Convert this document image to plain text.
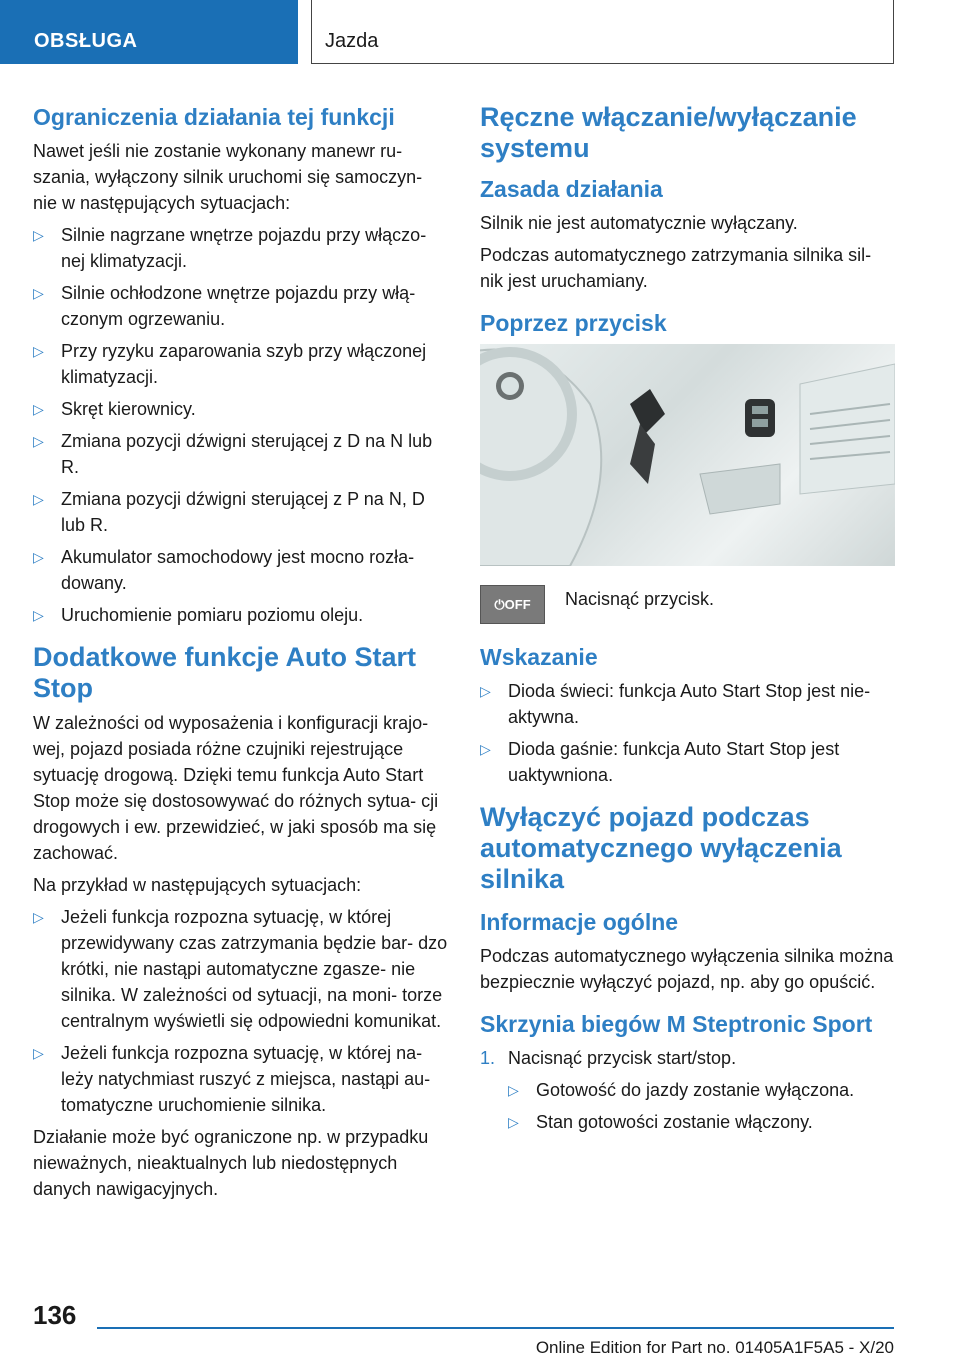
OBSŁUGA	Jazda
Ograniczenia działania tej funkcji

Nawet jeśli nie zostanie wykonany manewr ru- szania, wyłączony silnik uruchomi się samoczyn- nie w następujących sytuacjach:

▷ Silnie nagrzane wnętrze pojazdu przy włączo- nej klimatyzacji.
▷ Silnie ochłodzone wnętrze pojazdu przy włą- czonym ogrzewaniu.
▷ Przy ryzyku zaparowania szyb przy włączonej klimatyzacji.
▷ Skręt kierownicy.
▷ Zmiana pozycji dźwigni sterującej z D na N lub R.
▷ Zmiana pozycji dźwigni sterującej z P na N, D lub R.
▷ Akumulator samochodowy jest mocno rozła- dowany.
▷ Uruchomienie pomiaru poziomu oleju.
Dodatkowe funkcje Auto Start Stop

W zależności od wyposażenia i konfiguracji krajo- wej, pojazd posiada różne czujniki rejestrujące sytuację drogową. Dzięki temu funkcja Auto Start Stop może się dostosowywać do różnych sytua- cji drogowych i ew. przewidzieć, w jaki sposób ma się zachować.

Na przykład w następujących sytuacjach:

▷ Jeżeli funkcja rozpozna sytuację, w której przewidywany czas zatrzymania będzie bar- dzo krótki, nie nastąpi automatyczne zgasze- nie silnika. W zależności od sytuacji, na moni- torze centralnym wyświetli się odpowiedni komunikat.
▷ Jeżeli funkcja rozpozna sytuację, w której na- leży natychmiast ruszyć z miejsca, nastąpi au- tomatyczne uruchomienie silnika.

Działanie może być ograniczone np. w przypadku nieważnych, nieaktualnych lub niedostępnych danych nawigacyjnych.

Ręczne włączanie/wyłączanie systemu
Zasada działania

Silnik nie jest automatycznie wyłączany.

Podczas automatycznego zatrzymania silnika sil- nik jest uruchamiany.

Poprzez przycisk
⏻OFF	Nacisnąć przycisk.
Wskazanie
▷ Dioda świeci: funkcja Auto Start Stop jest nie- aktywna.
▷ Dioda gaśnie: funkcja Auto Start Stop jest uaktywniona.
Wyłączyć pojazd podczas automatycznego wyłączenia silnika
Informacje ogólne

Podczas automatycznego wyłączenia silnika można bezpiecznie wyłączyć pojazd, np. aby go opuścić.

Skrzynia biegów M Steptronic Sport
1. Nacisnąć przycisk start/stop.
▷ Gotowość do jazdy zostanie wyłączona.
▷ Stan gotowości zostanie włączony.
136
Online Edition for Part no. 01405A1F5A5 - X/20
